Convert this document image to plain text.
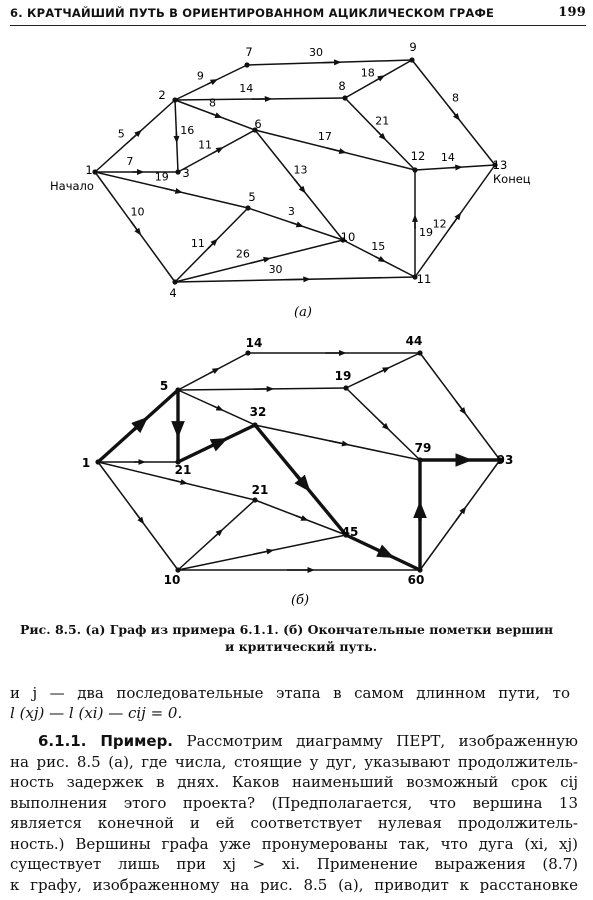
6. КРАТЧАЙШИЙ ПУТЬ В ОРИЕНТИРОВАННОМ АЦИКЛИЧЕСКОМ ГРАФЕ	199
5
7
10
19
9
14
16
8
11
30
18
21
8
17
13
3
11
26
30
15
19
12
14
1
2
3
4
5
6
7
8
9
10
11
12
13
1
5
21
10
21
32
14
19
44
45
60
79
93
(а)
(б)
Начало	Конец
Рис. 8.5. (а) Граф из примера 6.1.1. (б) Окончательные пометки вершин
и критический путь.
и j — два последовательные этапа в самом длинном пути, то
l (xj) — l (xi) — cij = 0.
6.1.1. Пример. Рассмотрим диаграмму ПЕРТ, изображенную
на рис. 8.5 (а), где числа, стоящие у дуг, указывают продолжитель-
ность задержек в днях. Каков наименьший возможный срок cij
выполнения этого проекта? (Предполагается, что вершина 13
является конечной и ей соответствует нулевая продолжитель-
ность.) Вершины графа уже пронумерованы так, что дуга (xi, xj)
существует лишь при xj > xi. Применение выражения (8.7)
к графу, изображенному на рис. 8.5 (а), приводит к расстановке
